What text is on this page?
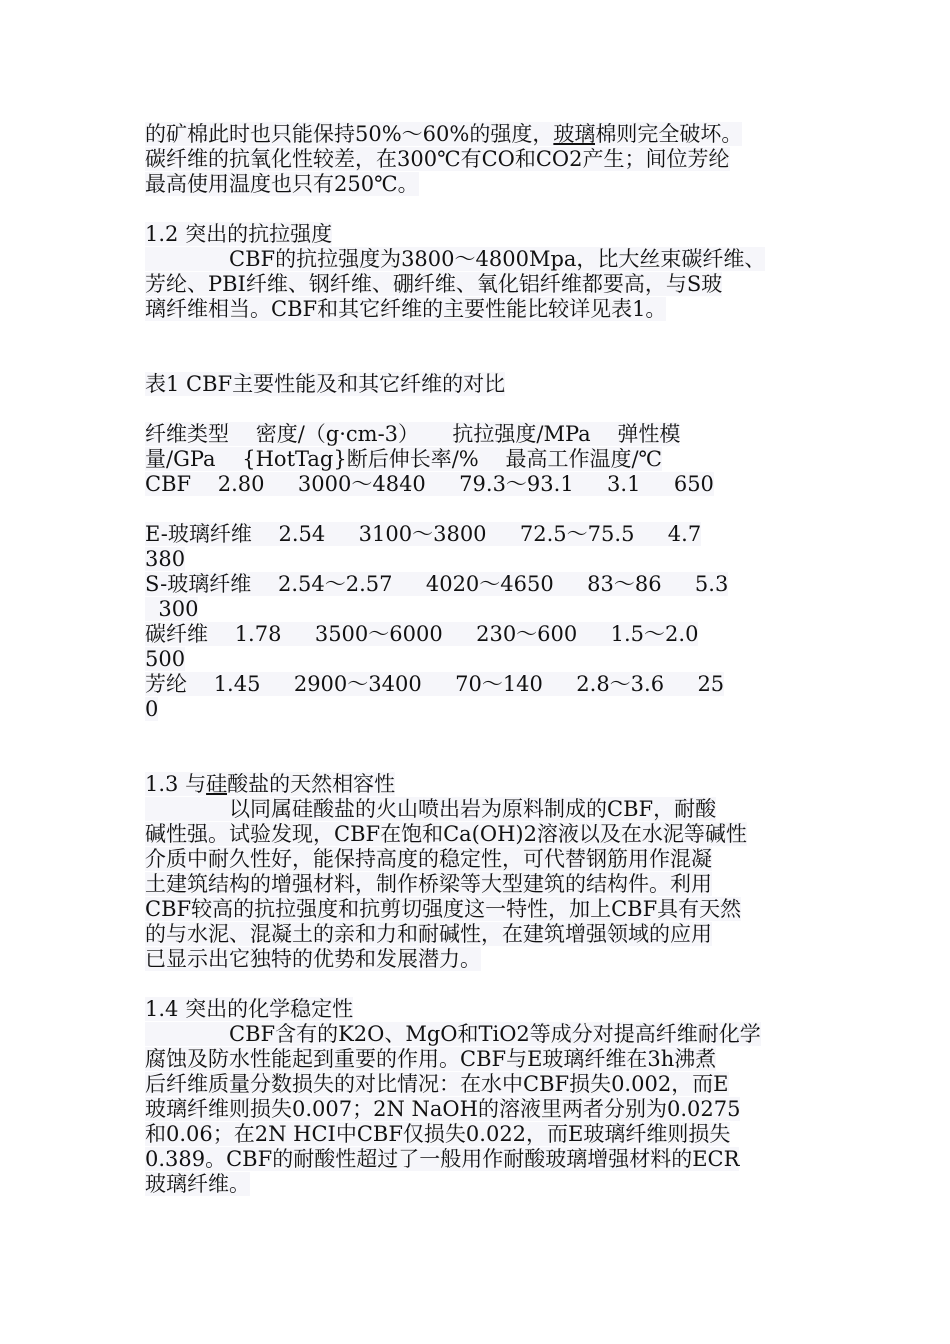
的矿棉此时也只能保持50%～60%的强度，玻璃棉则完全破坏。
碳纤维的抗氧化性较差，在300℃有CO和CO2产生；间位芳纶
最高使用温度也只有250℃。
1.2 突出的抗拉强度
CBF的抗拉强度为3800～4800Mpa，比大丝束碳纤维、
芳纶、PBI纤维、钢纤维、硼纤维、氧化铝纤维都要高，与S玻
璃纤维相当。CBF和其它纤维的主要性能比较详见表1。
表1 CBF主要性能及和其它纤维的对比
纤维类型    密度/（g·cm-3）     抗拉强度/MPa    弹性模
量/GPa    {HotTag}断后伸长率/%    最高工作温度/℃
CBF    2.80     3000～4840     79.3～93.1     3.1     650
E-玻璃纤维    2.54     3100～3800     72.5～75.5     4.7
380
S-玻璃纤维    2.54～2.57     4020～4650     83～86     5.3
300
碳纤维    1.78     3500～6000     230～600     1.5～2.0
500
芳纶    1.45     2900～3400     70～140     2.8～3.6     25
0
1.3 与硅酸盐的天然相容性
以同属硅酸盐的火山喷出岩为原料制成的CBF，耐酸
碱性强。试验发现，CBF在饱和Ca(OH)2溶液以及在水泥等碱性
介质中耐久性好，能保持高度的稳定性，可代替钢筋用作混凝
土建筑结构的增强材料，制作桥梁等大型建筑的结构件。利用
CBF较高的抗拉强度和抗剪切强度这一特性，加上CBF具有天然
的与水泥、混凝土的亲和力和耐碱性，在建筑增强领域的应用
已显示出它独特的优势和发展潜力。
1.4 突出的化学稳定性
CBF含有的K2O、MgO和TiO2等成分对提高纤维耐化学
腐蚀及防水性能起到重要的作用。CBF与E玻璃纤维在3h沸煮
后纤维质量分数损失的对比情况：在水中CBF损失0.002，而E
玻璃纤维则损失0.007；2N NaOH的溶液里两者分别为0.0275
和0.06；在2N HCI中CBF仅损失0.022，而E玻璃纤维则损失
0.389。CBF的耐酸性超过了一般用作耐酸玻璃增强材料的ECR
玻璃纤维。
